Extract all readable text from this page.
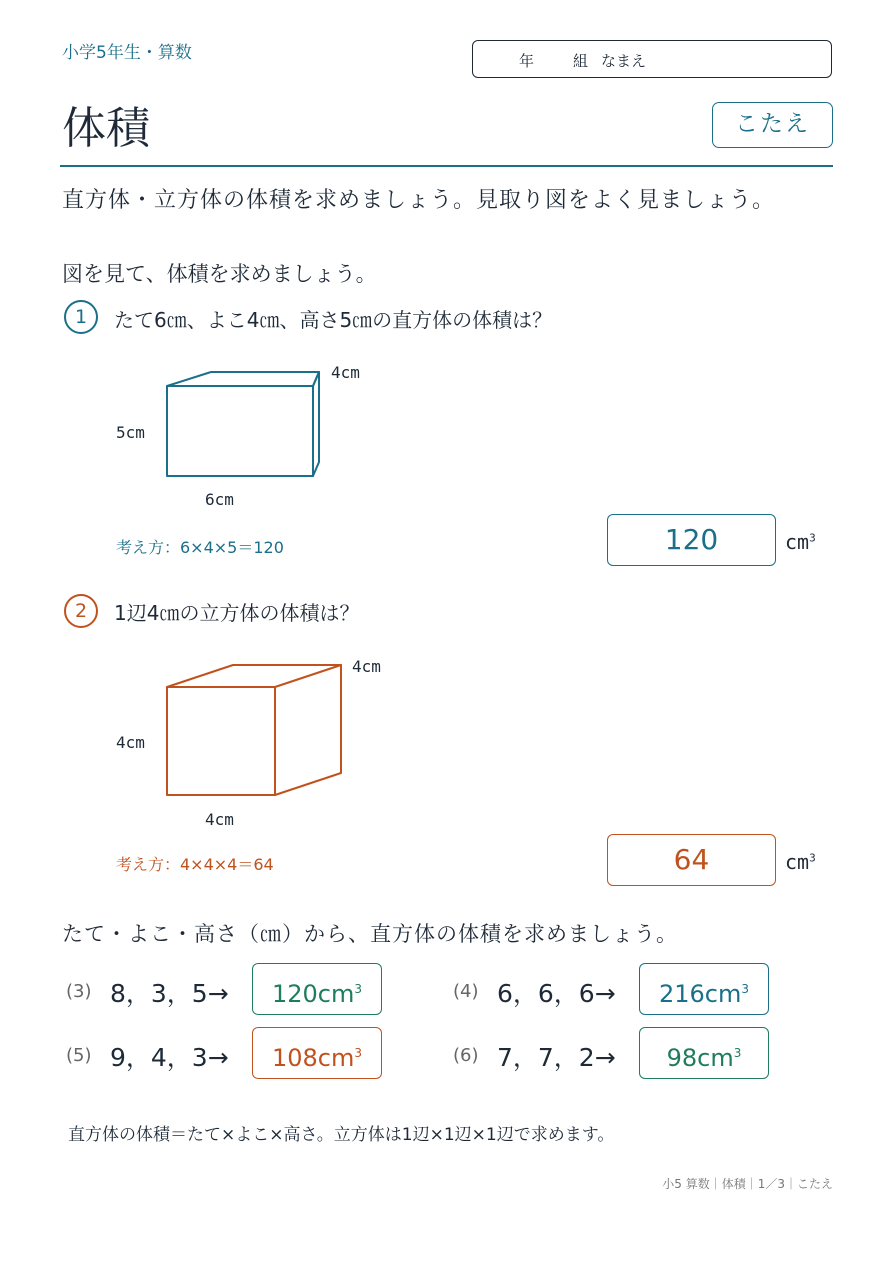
小学5年生・算数	年	組 なまえ
体積	こたえ
直方体・立方体の体積を求めましょう。見取り図をよく見ましょう。
図を見て、体積を求めましょう。
1	たて6㎝、よこ4㎝、高さ5㎝の直方体の体積は？
4cm
5cm
6cm
考え方：6×4×5＝120	120	$cm^3$
2	1辺4㎝の立方体の体積は？
4cm
4cm
4cm
考え方：4×4×4＝64	64	$cm^3$
たて・よこ・高さ（㎝）から、直方体の体積を求めましょう。
(3) 8，3，5→	$120cm^3$	(4) 6，6，6→	$216cm^3$
(5) 9，4，3→	$108cm^3$	(6) 7，7，2→	$98cm^3$
直方体の体積＝たて×よこ×高さ。立方体は1辺×1辺×1辺で求めます。
小5 算数｜体積｜1／3｜こたえ
